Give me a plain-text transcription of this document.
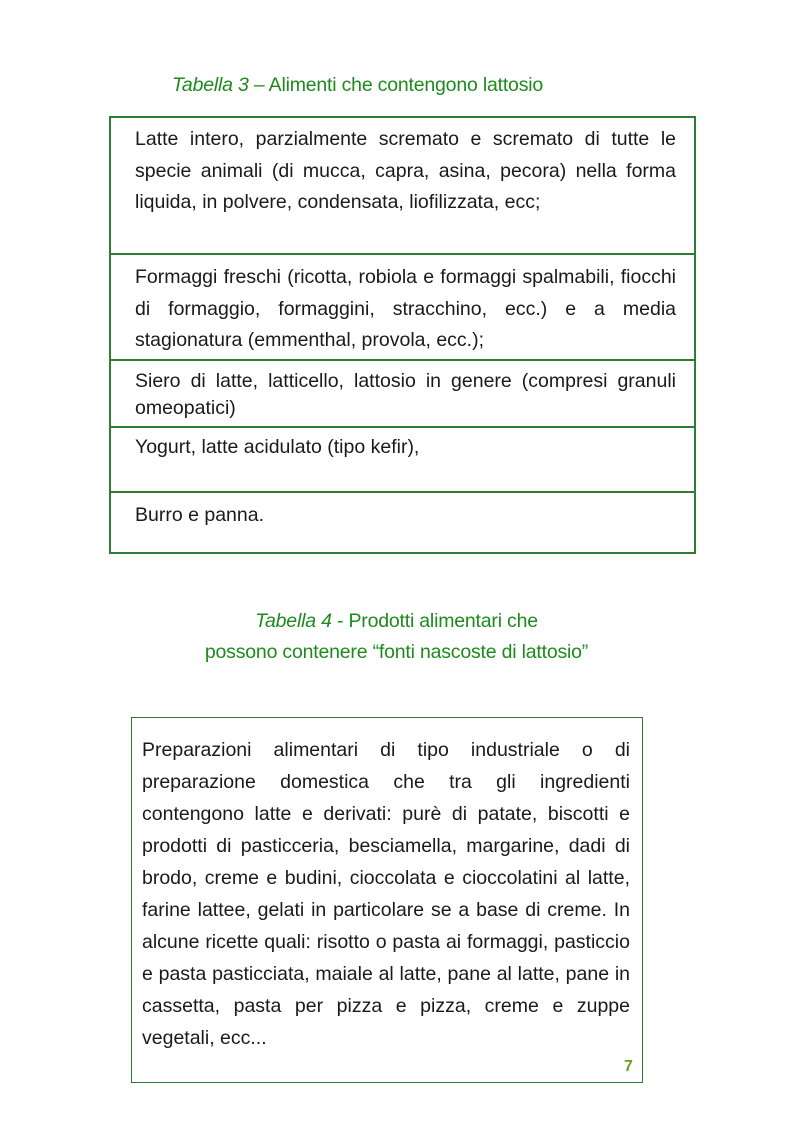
Tabella 3 – Alimenti che contengono lattosio

Latte intero, parzialmente scremato e scremato di tutte le specie animali (di mucca, capra, asina, pecora) nella forma liquida, in polvere, condensata, liofilizzata, ecc;

Formaggi freschi (ricotta, robiola e formaggi spalmabili, fiocchi di formaggio, formaggini, stracchino, ecc.) e a media stagionatura (emmenthal, provola, ecc.);

Siero di latte, latticello, lattosio in genere (compresi granuli omeopatici)

Yogurt, latte acidulato (tipo kefir),

Burro e panna.

Tabella 4 - Prodotti alimentari che
possono contenere “fonti nascoste di lattosio”

Preparazioni alimentari di tipo industriale o di preparazione domestica che tra gli ingredienti contengono latte e derivati: purè di patate, biscotti e prodotti di pasticceria, besciamella, margarine, dadi di brodo, creme e budini, cioccolata e cioccolatini al latte, farine lattee, gelati in particolare se a base di creme. In alcune ricette quali: risotto o pasta ai formaggi, pasticcio e pasta pasticciata, maiale al latte, pane al latte, pane in cassetta, pasta per pizza e pizza, creme e zuppe vegetali, ecc...

7
